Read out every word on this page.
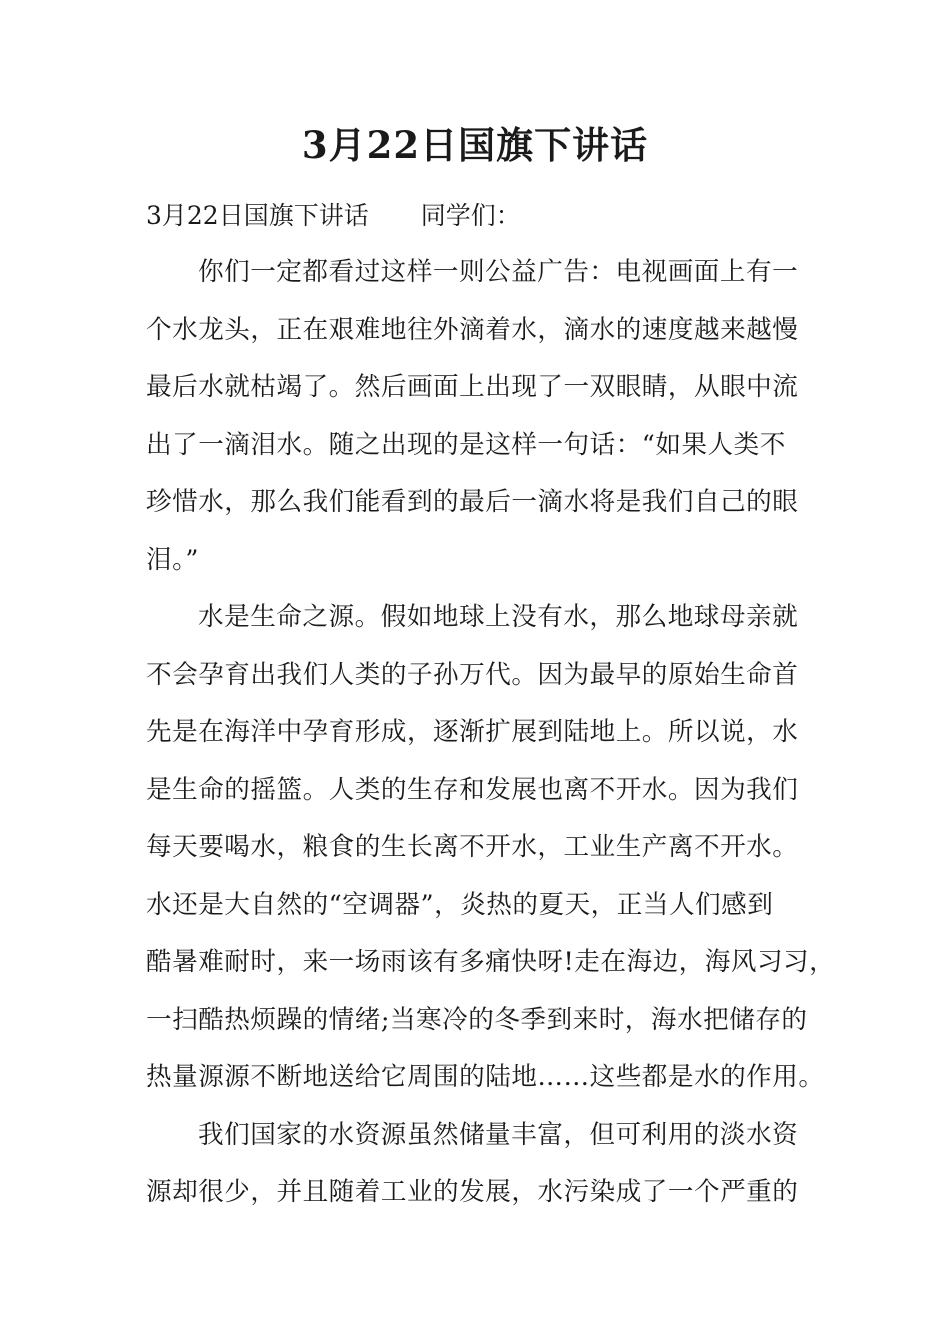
3月22日国旗下讲话
3月22日国旗下讲话 同学们：
你们一定都看过这样一则公益广告：电视画面上有一
个水龙头，正在艰难地往外滴着水，滴水的速度越来越慢
最后水就枯竭了。然后画面上出现了一双眼睛，从眼中流
出了一滴泪水。随之出现的是这样一句话：“如果人类不
珍惜水，那么我们能看到的最后一滴水将是我们自己的眼
泪。”
水是生命之源。假如地球上没有水，那么地球母亲就
不会孕育出我们人类的子孙万代。因为最早的原始生命首
先是在海洋中孕育形成，逐渐扩展到陆地上。所以说，水
是生命的摇篮。人类的生存和发展也离不开水。因为我们
每天要喝水，粮食的生长离不开水，工业生产离不开水。
水还是大自然的“空调器”，炎热的夏天，正当人们感到
酷暑难耐时，来一场雨该有多痛快呀!走在海边，海风习习，
一扫酷热烦躁的情绪;当寒冷的冬季到来时，海水把储存的
热量源源不断地送给它周围的陆地……这些都是水的作用。
我们国家的水资源虽然储量丰富，但可利用的淡水资
源却很少，并且随着工业的发展，水污染成了一个严重的
